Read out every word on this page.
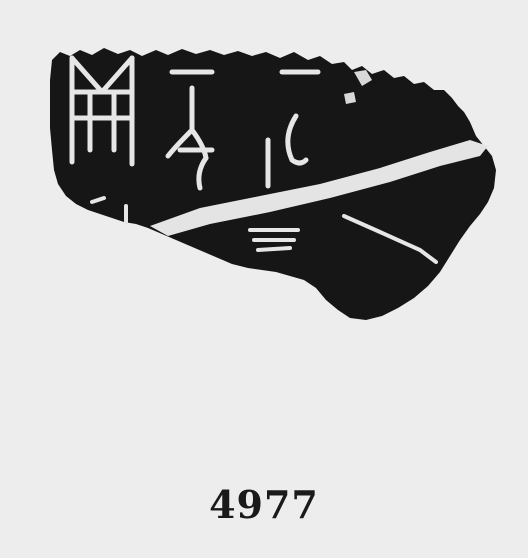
4977
